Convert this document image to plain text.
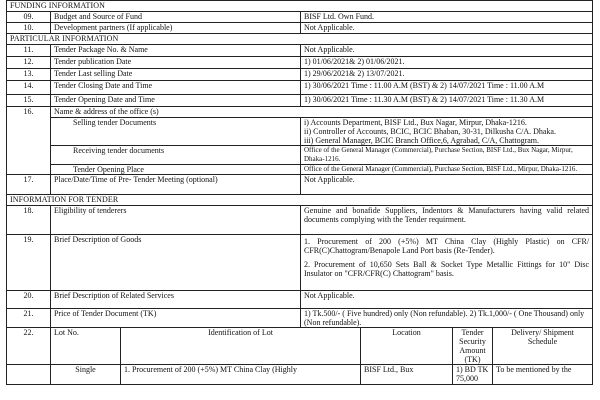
FUNDING INFORMATION						
09.	Budget and Source of Fund		BISF Ltd. Own Fund.			
10.	Development partners (If applicable)		Not Applicable.			
PARTICULAR INFORMATION						
11.	Tender Package No. & Name		Not Applicable.			
12.	Tender publication Date		1) 01/06/2021& 2) 01/06/2021.			
13.	Tender Last selling Date		1) 29/06/2021& 2) 13/07/2021.			
14.	Tender Closing Date and Time		1) 30/06/2021 Time : 11.00 A.M (BST) & 2) 14/07/2021 Time : 11.00 A.M			
15.	Tender Opening Date and Time		1) 30/06/2021 Time : 11.30 A.M (BST) & 2) 14/07/2021 Time : 11.30 A.M			
16.	Name & address of the office (s)					
	Selling tender Documents		i) Accounts Department, BISF Ltd., Bux Nagar, Mirpur, Dhaka-1216.
ii) Controller of Accounts, BCIC, BCIC Bhaban, 30-31, Dilkusha C/A. Dhaka.
iii) General Manager, BCIC Branch Office,6, Agrabad, C/A, Chattogram.			

	Receiving tender documents		Office of the General Manager (Commercial), Purchase Section, BISF Ltd., Bux Nagar, Mirpur, Dhaka-1216.			
	Tender Opening Place		Office of the General Manager (Commercial), Purchase Section, BISF Ltd., Mirpur, Dhaka-1216.			
17.	Place/Date/Time of Pre- Tender Meeting (optional)		Not Applicable.			
INFORMATION FOR TENDER						
18.	Eligibility of tenderers		Genuine and bonafide Suppliers, Indentors & Manufacturers having valid related documents complying with the Tender requirment.			
19.	Brief Description of Goods		1. Procurement of 200 (+5%) MT China Clay (Highly Plastic) on CFR/ CFR(C)Chattogram/Benapole Land Port basis (Re-Tender).
2. Procurement of 10,650 Sets Ball & Socket Type Metallic Fittings for 10" Disc Insulator on "CFR/CFR(C) Chattogram" basis.			

20.	Brief Description of Related Services		Not Applicable.			
21.	Price of Tender Document (TK)		1) Tk.500/- ( Five hundred) only (Non refundable). 2) Tk.1,000/- ( One Thousand) only (Non refundable).			
22.	Lot No.	Identification of Lot		Location	Tender Security Amount (TK)	Delivery/ Shipment Schedule
	Single	1. Procurement of 200 (+5%) MT China Clay (Highly		BISF Ltd., Bux	1) BD TK 75,000	To be mentioned by the
